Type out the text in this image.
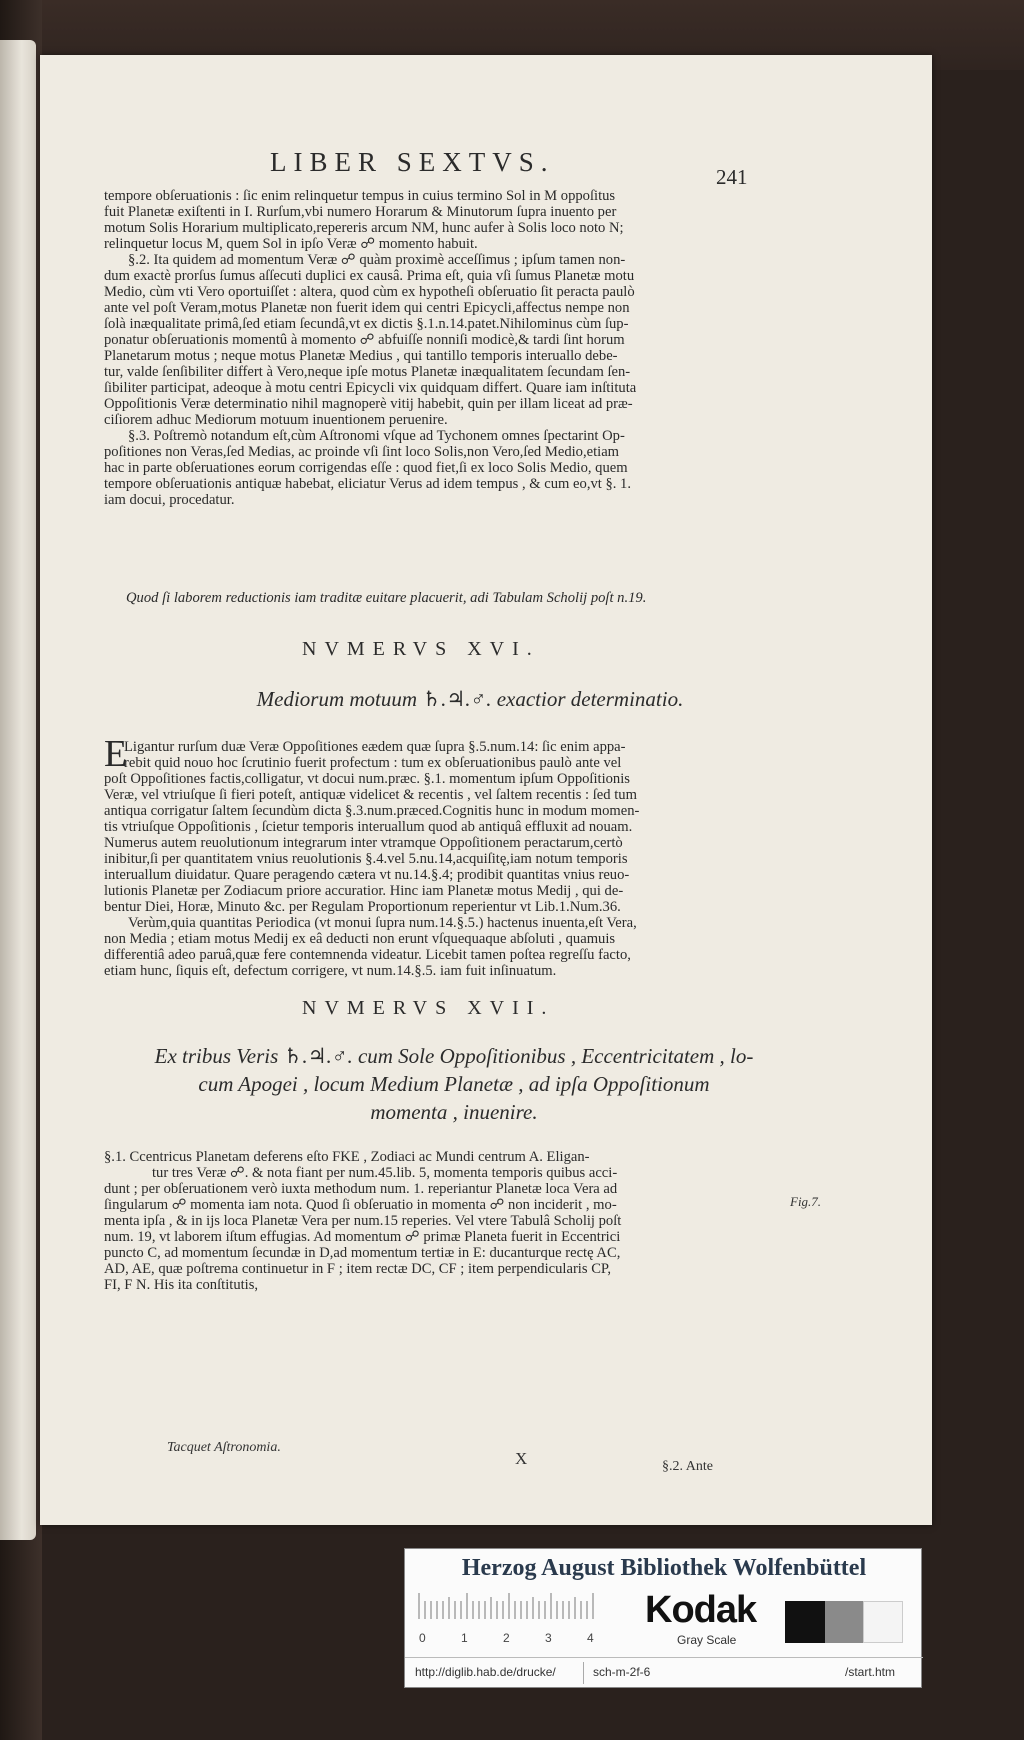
LIBER SEXTVS.	241
tempore obſeruationis : ſic enim relinquetur tempus in cuius termino Sol in M oppoſitus
fuit Planetæ exiſtenti in I. Rurſum,vbi numero Horarum & Minutorum ſupra inuento per
motum Solis Horarium multiplicato,repereris arcum NM, hunc aufer à Solis loco noto N;
relinquetur locus M, quem Sol in ipſo Veræ ☍ momento habuit.
§.2. Ita quidem ad momentum Veræ ☍ quàm proximè acceſſimus ; ipſum tamen non-
dum exactè prorſus ſumus aſſecuti duplici ex causâ. Prima eſt, quia vſi ſumus Planetæ motu
Medio, cùm vti Vero oportuiſſet : altera, quod cùm ex hypotheſi obſeruatio ſit peracta paulò
ante vel poſt Veram,motus Planetæ non fuerit idem qui centri Epicycli,affectus nempe non
ſolà inæqualitate primâ,ſed etiam ſecundâ,vt ex dictis §.1.n.14.patet.Nihilominus cùm ſup-
ponatur obſeruationis momentû à momento ☍ abfuiſſe nonniſi modicè,& tardi ſint horum
Planetarum motus ; neque motus Planetæ Medius , qui tantillo temporis interuallo debe-
tur, valde ſenſibiliter differt à Vero,neque ipſe motus Planetæ inæqualitatem ſecundam ſen-
ſibiliter participat, adeoque à motu centri Epicycli vix quidquam differt. Quare iam inſtituta
Oppoſitionis Veræ determinatio nihil magnoperè vitij habebit, quin per illam liceat ad præ-
ciſiorem adhuc Mediorum motuum inuentionem peruenire.
§.3. Poſtremò notandum eſt,cùm Aſtronomi vſque ad Tychonem omnes ſpectarint Op-
poſitiones non Veras,ſed Medias, ac proinde vſi ſint loco Solis,non Vero,ſed Medio,etiam
hac in parte obſeruationes eorum corrigendas eſſe : quod fiet,ſi ex loco Solis Medio, quem
tempore obſeruationis antiquæ habebat, eliciatur Verus ad idem tempus , & cum eo,vt §. 1.
iam docui, procedatur.
Quod ſi laborem reductionis iam traditæ euitare placuerit, adi Tabulam Scholij poſt n.19.
NVMERVS XVI.
Mediorum motuum ♄.♃.♂. exactior determinatio.
Ligantur rurſum duæ Veræ Oppoſitiones eædem quæ ſupra §.5.num.14: ſic enim appa-
rebit quid nouo hoc ſcrutinio fuerit profectum : tum ex obſeruationibus paulò ante vel
poſt Oppoſitiones factis,colligatur, vt docui num.præc. §.1. momentum ipſum Oppoſitionis
Veræ, vel vtriuſque ſi fieri poteſt, antiquæ videlicet & recentis , vel ſaltem recentis : ſed tum
antiqua corrigatur ſaltem ſecundùm dicta §.3.num.præced.Cognitis hunc in modum momen-
tis vtriuſque Oppoſitionis , ſcietur temporis interuallum quod ab antiquâ effluxit ad nouam.
Numerus autem reuolutionum integrarum inter vtramque Oppoſitionem peractarum,certò
inibitur,ſi per quantitatem vnius reuolutionis §.4.vel 5.nu.14,acquiſitę,iam notum temporis
interuallum diuidatur. Quare peragendo cætera vt nu.14.§.4; prodibit quantitas vnius reuo-
lutionis Planetæ per Zodiacum priore accuratior. Hinc iam Planetæ motus Medij , qui de-
bentur Diei, Horæ, Minuto &c. per Regulam Proportionum reperientur vt Lib.1.Num.36.
Verùm,quia quantitas Periodica (vt monui ſupra num.14.§.5.) hactenus inuenta,eſt Vera,
non Media ; etiam motus Medij ex eâ deducti non erunt vſquequaque abſoluti , quamuis
differentiâ adeo paruâ,quæ fere contemnenda videatur. Licebit tamen poſtea regreſſu facto,
etiam hunc, ſiquis eſt, defectum corrigere, vt num.14.§.5. iam fuit inſinuatum.
E
NVMERVS XVII.
Ex tribus Veris ♄.♃.♂. cum Sole Oppoſitionibus , Eccentricitatem , lo-
cum Apogei , locum Medium Planetæ , ad ipſa Oppoſitionum
momenta , inuenire.
§.1. Ccentricus Planetam deferens eſto FKE , Zodiaci ac Mundi centrum A. Eligan-
tur tres Veræ ☍. & nota fiant per num.45.lib. 5, momenta temporis quibus acci-
dunt ; per obſeruationem verò iuxta methodum num. 1. reperiantur Planetæ loca Vera ad
ſingularum ☍ momenta iam nota. Quod ſi obſeruatio in momenta ☍ non inciderit , mo-
menta ipſa , & in ijs loca Planetæ Vera per num.15 reperies. Vel vtere Tabulâ Scholij poſt
num. 19, vt laborem iſtum effugias. Ad momentum ☍ primæ Planeta fuerit in Eccentrici
puncto C, ad momentum ſecundæ in D,ad momentum tertiæ in E: ducanturque rectę AC,
AD, AE, quæ poſtrema continuetur in F ; item rectæ DC, CF ; item perpendicularis CP,
FI, F N. His ita conſtitutis,
Fig.7.
Tacquet Aſtronomia.
X	§.2. Ante
Herzog August Bibliothek Wolfenbüttel
0	1	2	3	4
Kodak
Gray Scale
http://diglib.hab.de/drucke/	sch-m-2f-6	/start.htm
